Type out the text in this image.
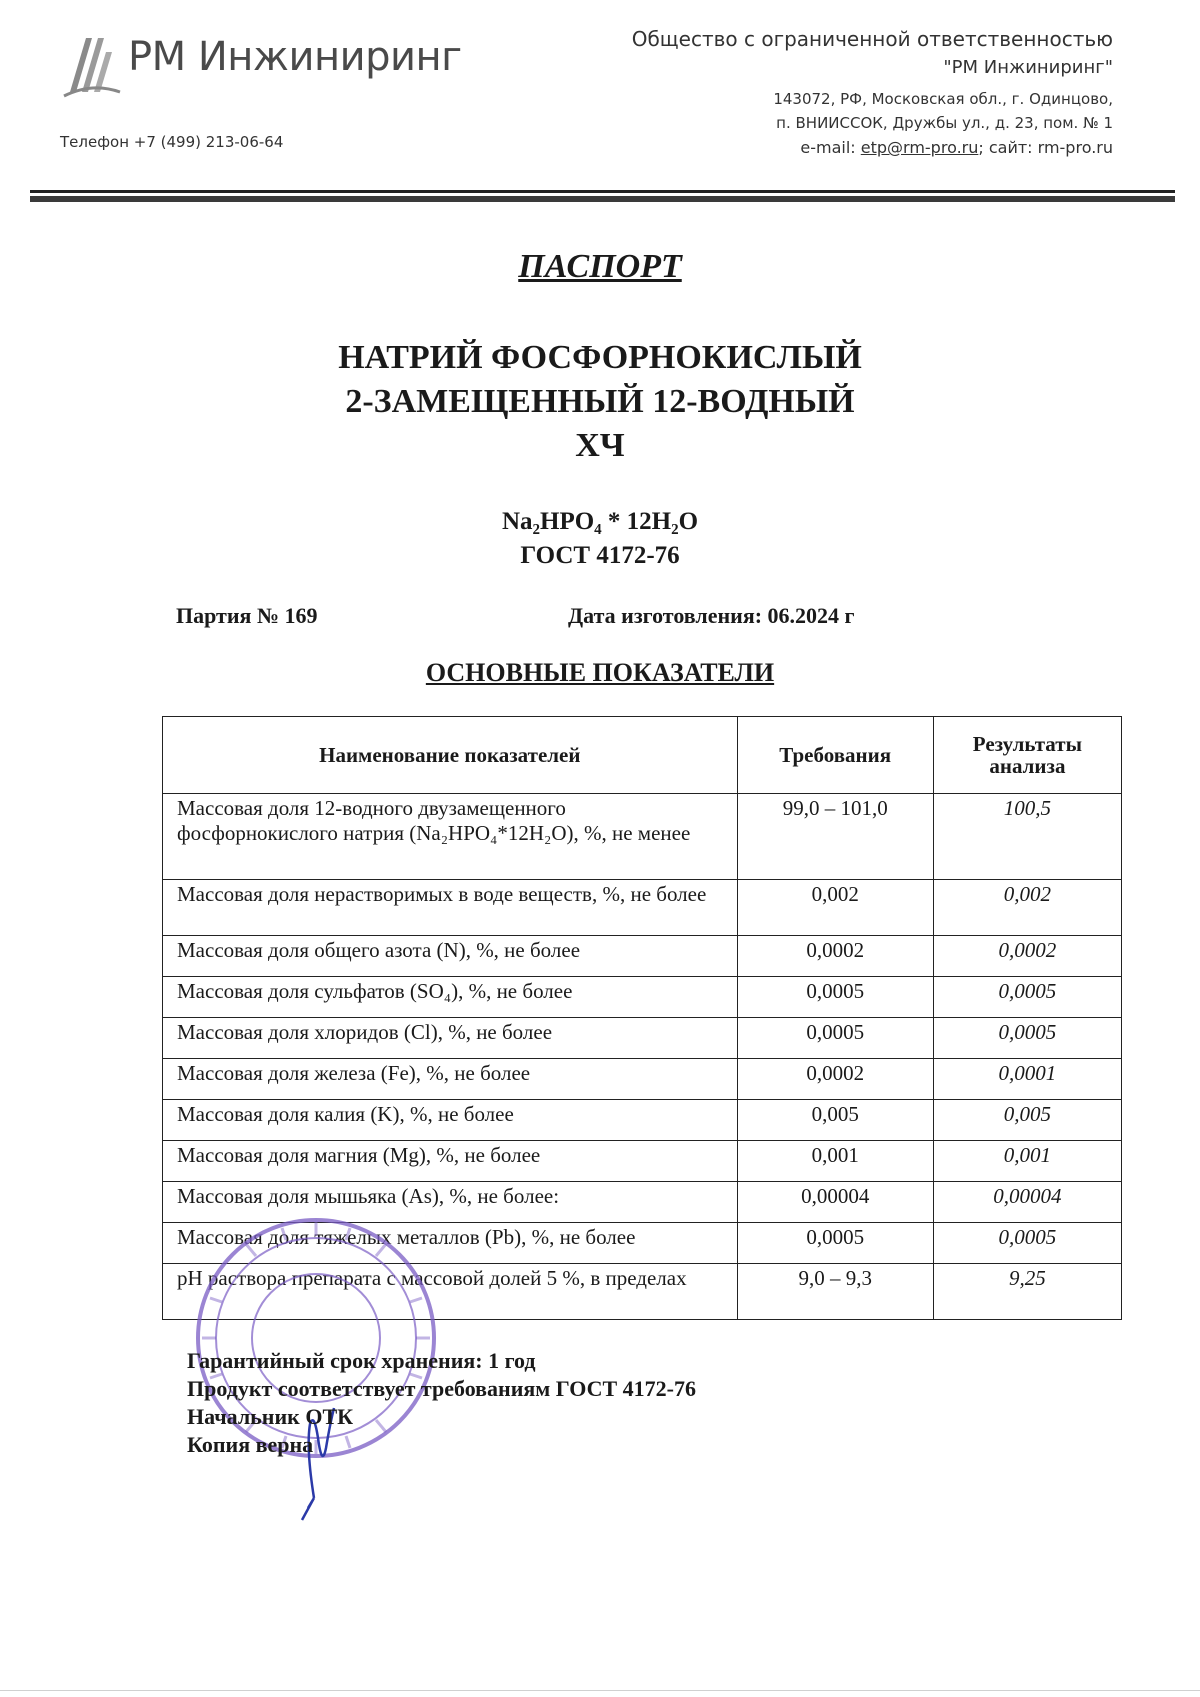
РМ Инжиниринг
Телефон +7 (499) 213-06-64
Общество с ограниченной ответственностью
"РМ Инжиниринг"
143072, РФ, Московская обл., г. Одинцово,
п. ВНИИССОК, Дружбы ул., д. 23, пом. № 1
e-mail: etp@rm-pro.ru; сайт: rm-pro.ru
ПАСПОРТ
НАТРИЙ ФОСФОРНОКИСЛЫЙ
2-ЗАМЕЩЕННЫЙ 12-ВОДНЫЙ
ХЧ
Na₂HPO₄ * 12H₂O
ГОСТ 4172-76
Партия № 169	Дата изготовления: 06.2024 г
ОСНОВНЫЕ ПОКАЗАТЕЛИ
Наименование показателей	Требования	Результаты анализа
Массовая доля 12-водного двузамещенного фосфорнокислого натрия (Na₂HPO₄*12H₂O), %, не менее	99,0 – 101,0	100,5
Массовая доля нерастворимых в воде веществ, %, не более	0,002	0,002
Массовая доля общего азота (N), %, не более	0,0002	0,0002
Массовая доля сульфатов (SO₄), %, не более	0,0005	0,0005
Массовая доля хлоридов (Cl), %, не более	0,0005	0,0005
Массовая доля железа (Fe), %, не более	0,0002	0,0001
Массовая доля калия (K), %, не более	0,005	0,005
Массовая доля магния (Mg), %, не более	0,001	0,001
Массовая доля мышьяка (As), %, не более:	0,00004	0,00004
Массовая доля тяжелых металлов (Pb), %, не более	0,0005	0,0005
pH раствора препарата с массовой долей 5 %, в пределах	9,0 – 9,3	9,25
Гарантийный срок хранения: 1 год
Продукт соответствует требованиям ГОСТ 4172-76
Начальник ОТК
Копия верна
